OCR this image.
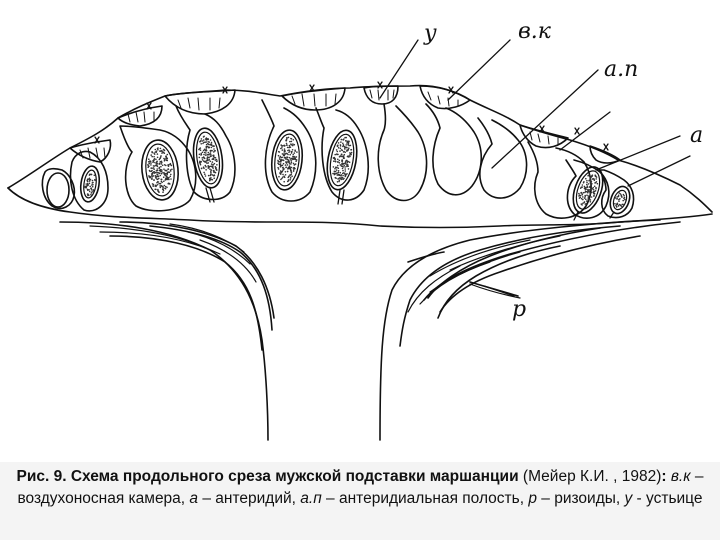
у	в.к
а.п
а
р
Рис. 9. Схема продольного среза мужской подставки маршанции (Мейер К.И. , 1982): в.к – воздухоносная камера, а – антеридий, а.п – антеридиальная полость, р – ризоиды, у - устьице
